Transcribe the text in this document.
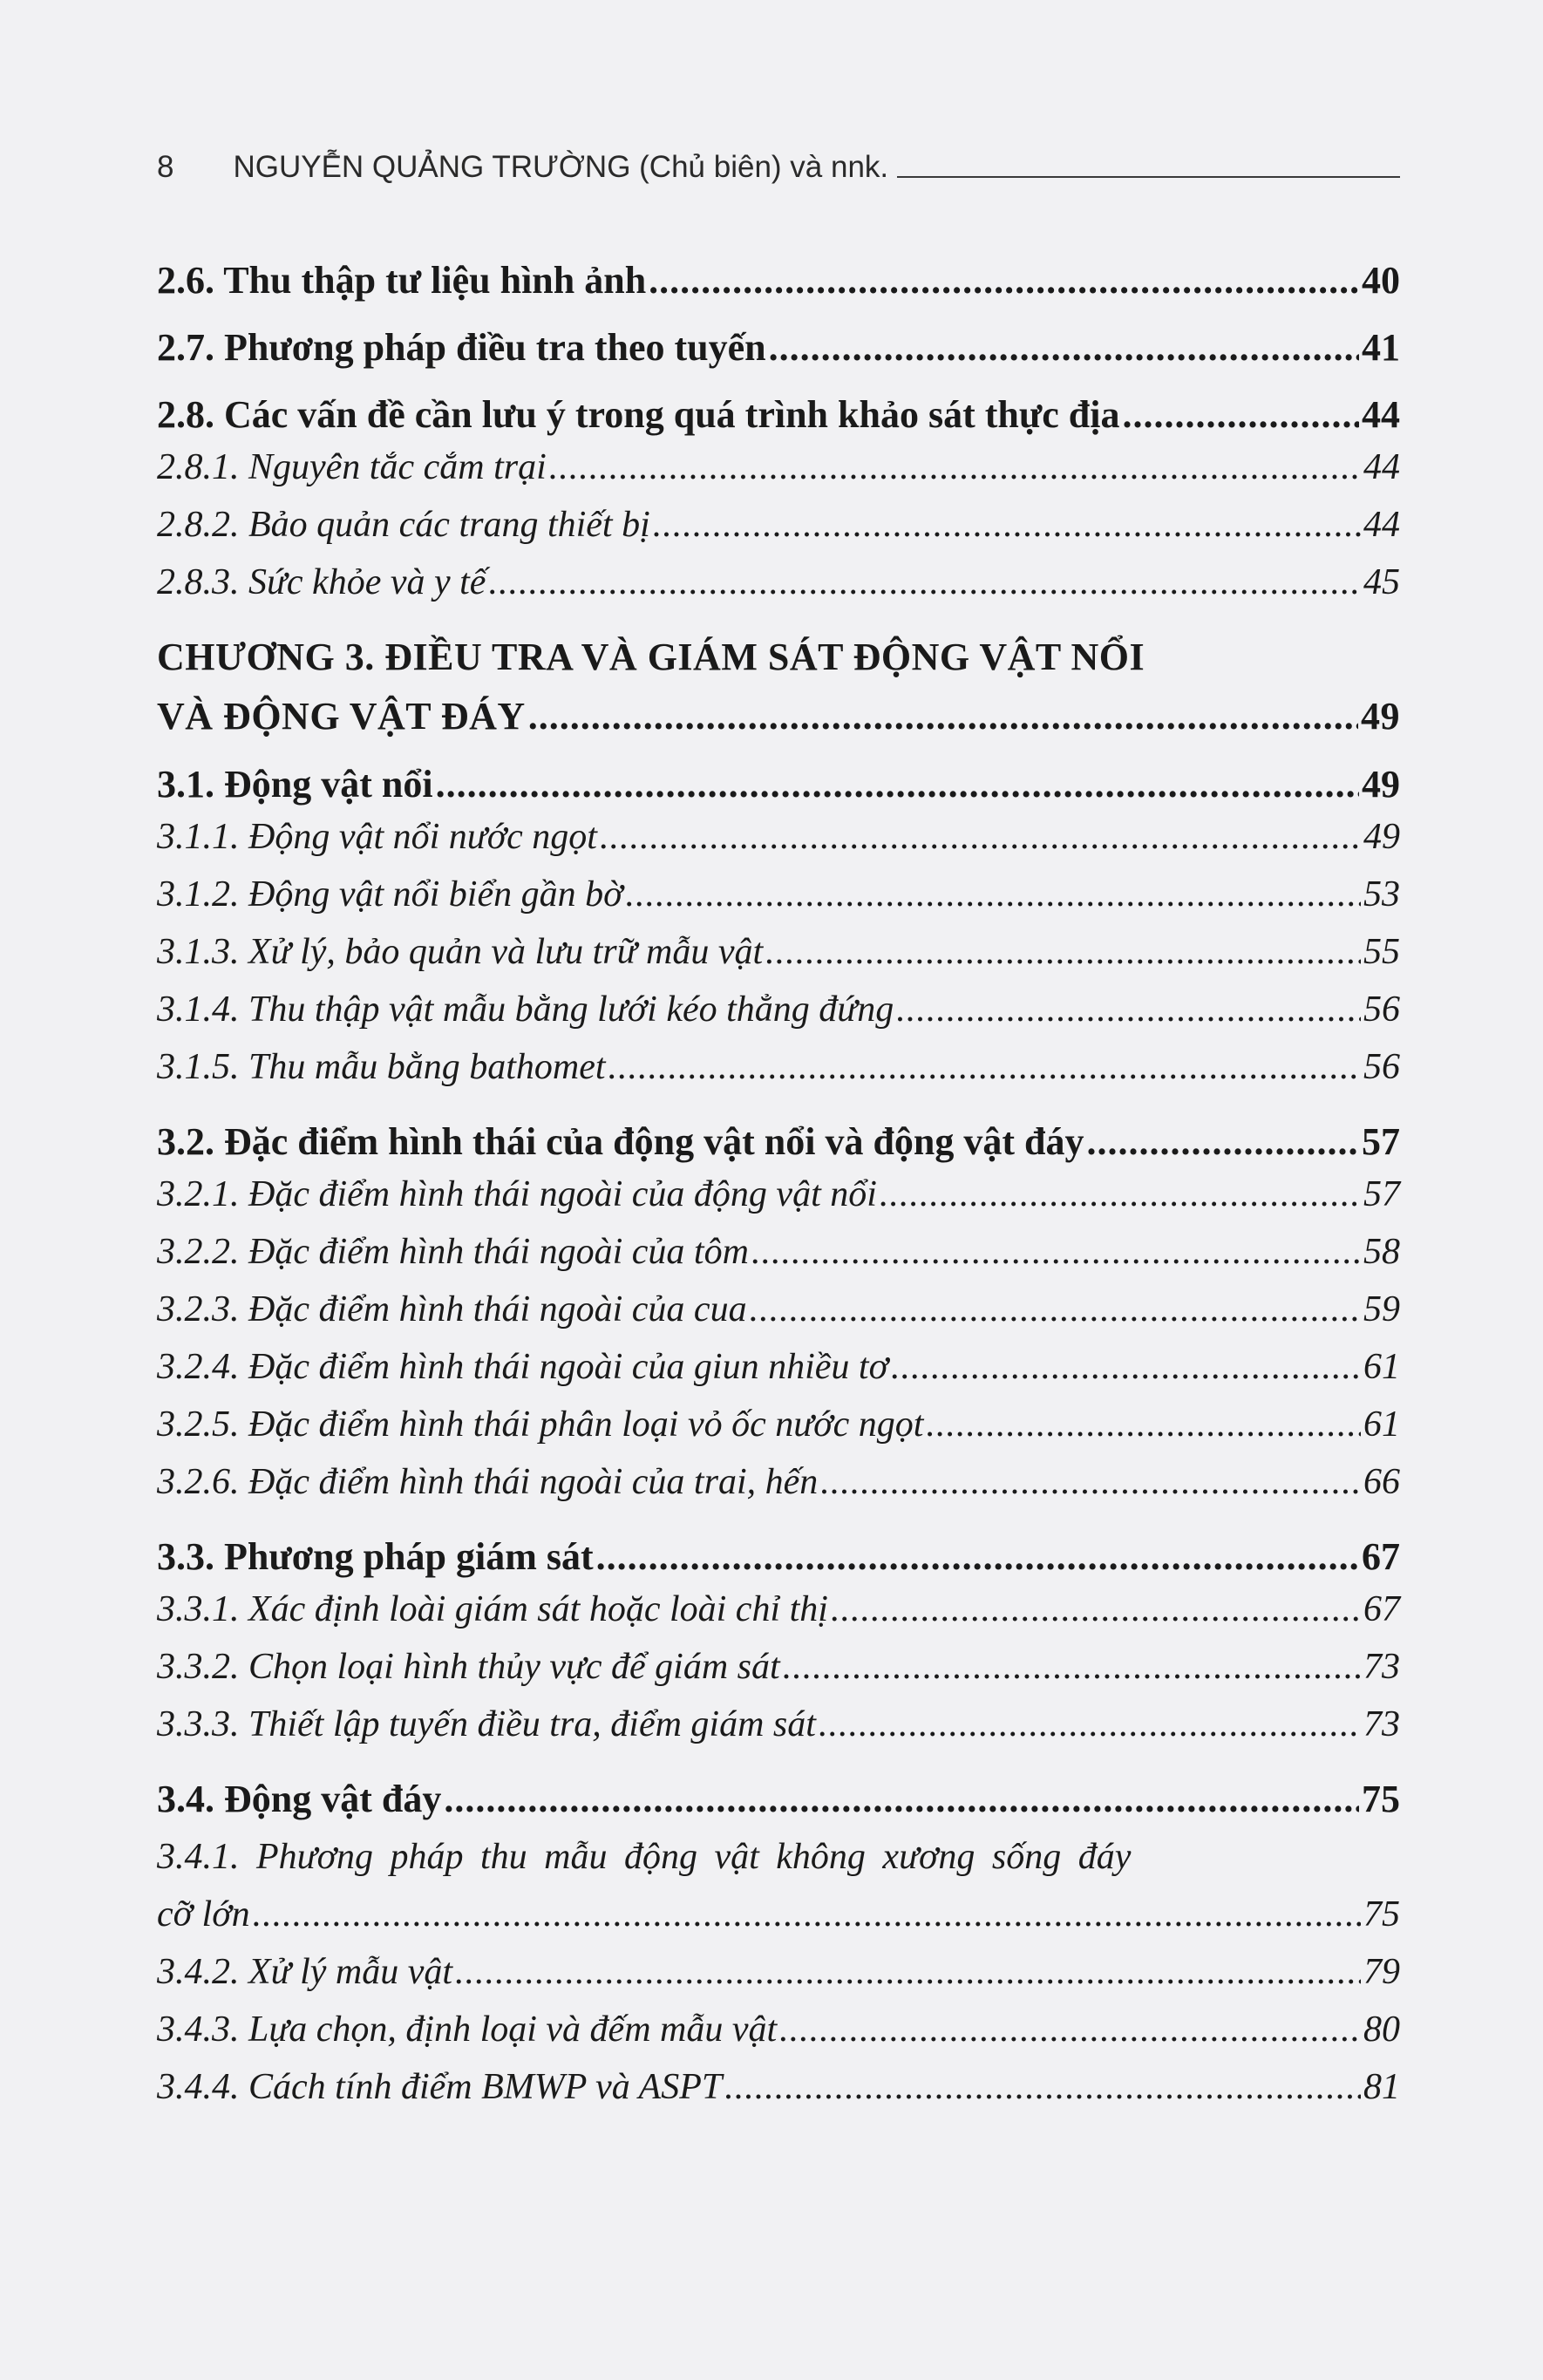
8 NGUYỄN QUẢNG TRƯỜNG (Chủ biên) và nnk.
2.6. Thu thập tư liệu hình ảnh .....	40
2.7. Phương pháp điều tra theo tuyến .....	41
2.8. Các vấn đề cần lưu ý trong quá trình khảo sát thực địa .....	44
2.8.1. Nguyên tắc cắm trại .....	44
2.8.2. Bảo quản các trang thiết bị .....	44
2.8.3. Sức khỏe và y tế .....	45
CHƯƠNG 3. ĐIỀU TRA VÀ GIÁM SÁT ĐỘNG VẬT NỔI
VÀ ĐỘNG VẬT ĐÁY .....	49
3.1. Động vật nổi .....	49
3.1.1. Động vật nổi nước ngọt .....	49
3.1.2. Động vật nổi biển gần bờ .....	53
3.1.3. Xử lý, bảo quản và lưu trữ mẫu vật .....	55
3.1.4. Thu thập vật mẫu bằng lưới kéo thẳng đứng .....	56
3.1.5. Thu mẫu bằng bathomet .....	56
3.2. Đặc điểm hình thái của động vật nổi và động vật đáy .....	57
3.2.1. Đặc điểm hình thái ngoài của động vật nổi .....	57
3.2.2. Đặc điểm hình thái ngoài của tôm .....	58
3.2.3. Đặc điểm hình thái ngoài của cua .....	59
3.2.4. Đặc điểm hình thái ngoài của giun nhiều tơ .....	61
3.2.5. Đặc điểm hình thái phân loại vỏ ốc nước ngọt .....	61
3.2.6. Đặc điểm hình thái ngoài của trai, hến .....	66
3.3. Phương pháp giám sát .....	67
3.3.1. Xác định loài giám sát hoặc loài chỉ thị .....	67
3.3.2. Chọn loại hình thủy vực để giám sát .....	73
3.3.3. Thiết lập tuyến điều tra, điểm giám sát .....	73
3.4. Động vật đáy .....	75
3.4.1. Phương pháp thu mẫu động vật không xương sống đáy
cỡ lớn .....	75
3.4.2. Xử lý mẫu vật .....	79
3.4.3. Lựa chọn, định loại và đếm mẫu vật .....	80
3.4.4. Cách tính điểm BMWP và ASPT .....	81
